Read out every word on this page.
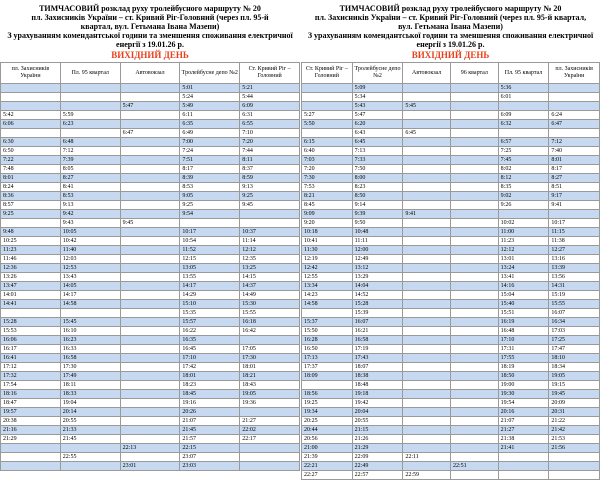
ТИМЧАСОВИЙ розклад руху тролейбусного маршруту № 20

пл. Захисників України – ст. Кривий Ріг-Головний (через пл. 95-й

квартал, вул. Гетьмана Івана Мазепи)

З урахуванням комендантської години та зменшення споживання електричної

енергії з 19.01.26 р.

ВИХІДНИЙ ДЕНЬ
пл. Захисників України	Пл. 95 квартал	Автовокзал	Тролейбусне депо №2	Ст. Кривий Ріг – Головний
			5:01	5:21
			5:24	5:44
		5:47	5:49	6:09
5:42	5:59		6:11	6:31
6:06	6:23		6:35	6:55
		6:47	6:49	7:10
6:30	6:48		7:00	7:20
6:50	7:12		7:24	7:44
7:22	7:39		7:51	8:11
7:48	8:05		8:17	8:37
8:01	8:27		8:39	8:59
8:24	8:41		8:53	9:13
8:36	8:53		9:05	9:25
8:57	9:13		9:25	9:45
9:25	9:42		9:54	
	9:43	9:45		
9:48	10:05		10:17	10:37
10:25	10:42		10:54	11:14
11:23	11:40		11:52	12:12
11:46	12:03		12:15	12:35
12:36	12:53		13:05	13:25
13:26	13:43		13:55	14:15
13:47	14:05		14:17	14:37
14:01	14:17		14:29	14:49
14:41	14:58		15:10	15:30
			15:35	15:55
15:28	15:45		15:57	16:18
15:53	16:10		16:22	16:42
16:06	16:23		16:35	
16:17	16:33		16:45	17:05
16:41	16:58		17:10	17:30
17:12	17:30		17:42	18:01
17:32	17:49		18:01	18:21
17:54	18:11		18:23	18:43
18:16	18:33		18:45	19:05
18:47	19:04		19:16	19:36
19:57	20:14		20:26	
20:38	20:55		21:07	21:27
21:16	21:33		21:45	22:02
21:29	21:45		21:57	22:17
		22:13	22:15	
	22:55		23:07	
		23:01	23:03	

ТИМЧАСОВИЙ розклад руху тролейбусного маршруту № 20

пл. Захисників України – ст. Кривий Ріг-Головний (через пл. 95-й квартал,

вул. Гетьмана Івана Мазепи)

З урахуванням комендантської години та зменшення споживання електричної

енергії з 19.01.26 р.

ВИХІДНИЙ ДЕНЬ
Ст. Кривий Ріг – Головний	Тролейбусне депо №2	Автовокзал	96 квартал	Пл. 95 квартал	пл. Захисників України
	5:09			5:36	
	5:34			6:01	
	5:43	5:45			
5:27	5:47			6:09	6:24
5:50	6:20			6:32	6:47
	6:43	6:45			
6:15	6:45			6:57	7:12
6:40	7:13			7:25	7:40
7:03	7:33			7:45	8:01
7:20	7:50			8:02	8:17
7:30	8:00			8:12	8:27
7:53	8:23			8:35	8:51
8:21	8:50			9:02	9:17
8:45	9:14			9:26	9:41
9:09	9:39	9:41			
9:20	9:50			10:02	10:17
10:18	10:48			11:00	11:15
10:41	11:11			11:23	11:38
11:30	12:00			12:12	12:27
12:19	12:49			13:01	13:16
12:42	13:12			13:24	13:39
12:55	13:29			13:41	13:56
13:34	14:04			14:16	14:31
14:23	14:52			15:04	15:19
14:58	15:28			15:40	15:55
	15:39			15:51	16:07
15:37	16:07			16:19	16:34
15:50	16:21			16:48	17:03
16:28	16:58			17:10	17:25
16:50	17:19			17:31	17:47
17:13	17:43			17:55	18:10
17:37	18:07			18:19	18:34
18:09	18:38			18:50	19:05
	18:48			19:00	19:15
18:56	19:18			19:30	19:45
19:25	19:42			19:54	20:09
19:34	20:04			20:16	20:31
20:25	20:55			21:07	21:22
20:44	21:15			21:27	21:42
20:56	21:26			21:38	21:53
21:00	21:29			21:41	21:56
21:39	22:09	22:11			
22:21	22:49		22:51		
22:27	22:57	22:59			
